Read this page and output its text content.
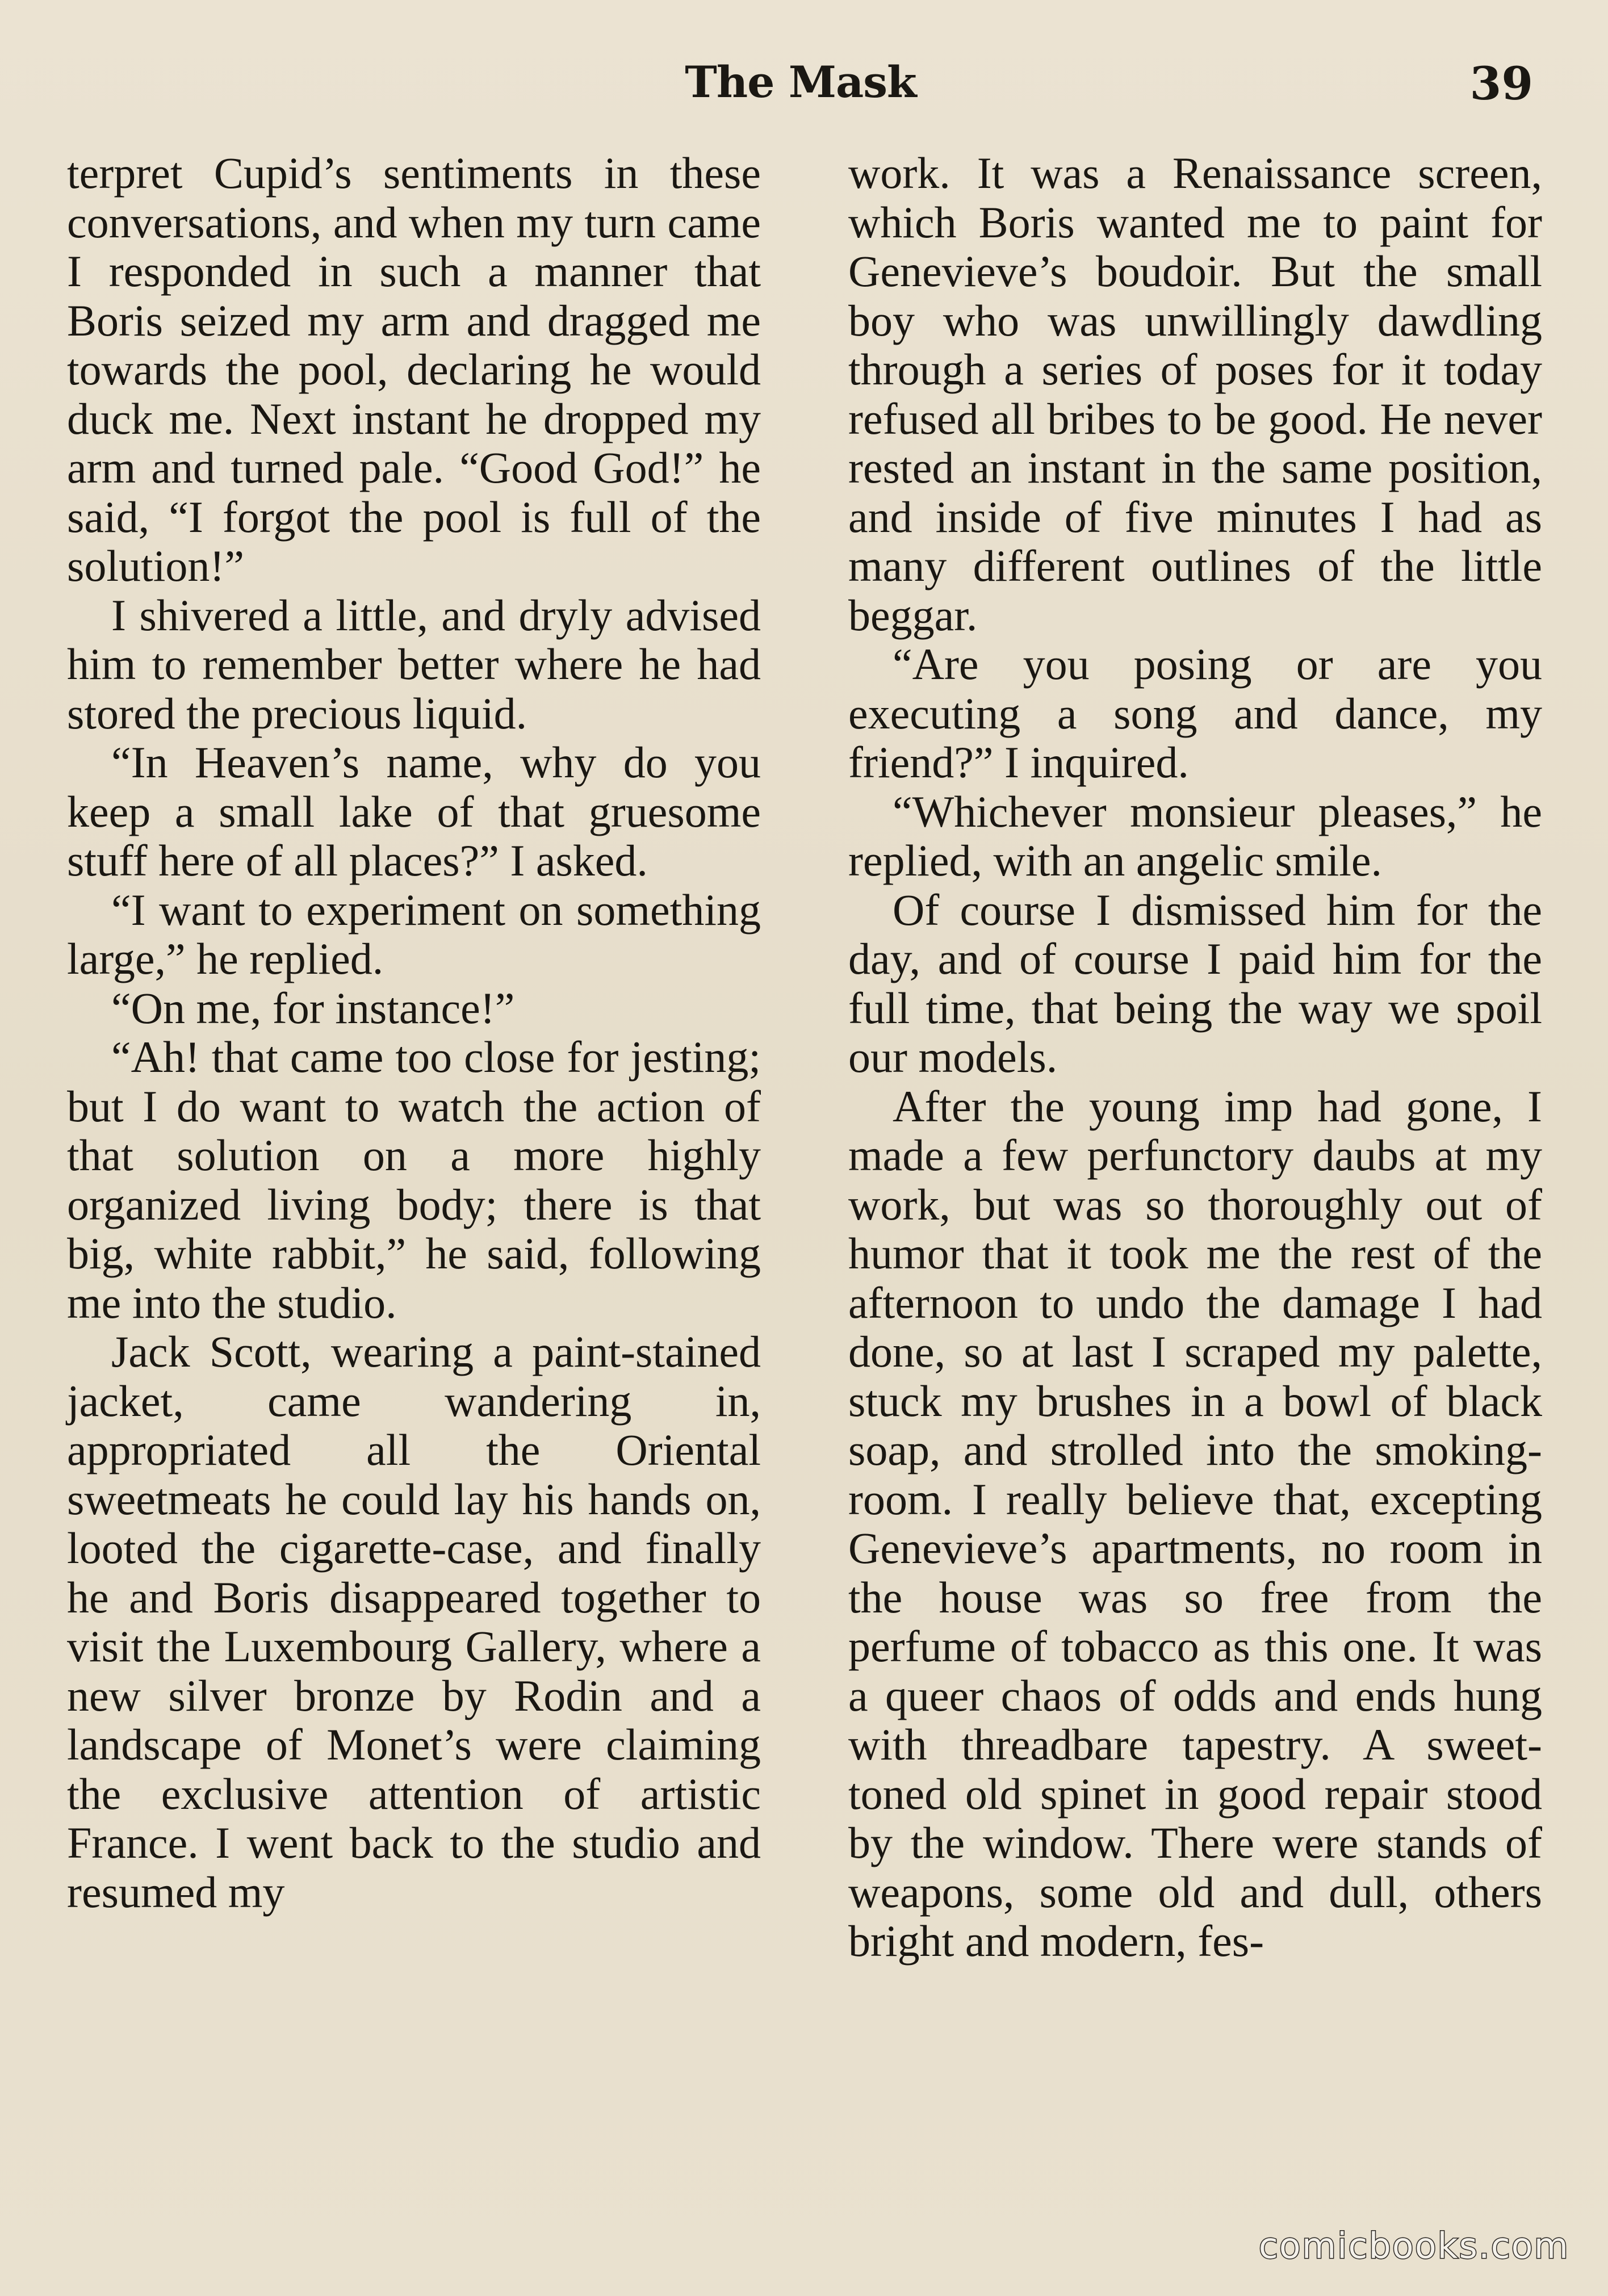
The Mask	39

terpret Cupid’s sentiments in these conversations, and when my turn came I responded in such a manner that Boris seized my arm and dragged me towards the pool, declaring he would duck me. Next instant he dropped my arm and turned pale. “Good God!” he said, “I forgot the pool is full of the solution!”

I shivered a little, and dryly advised him to remember better where he had stored the precious liquid.

“In Heaven’s name, why do you keep a small lake of that gruesome stuff here of all places?” I asked.

“I want to experiment on something large,” he replied.

“On me, for instance!”

“Ah! that came too close for jesting; but I do want to watch the action of that solution on a more highly organized living body; there is that big, white rabbit,” he said, following me into the studio.

Jack Scott, wearing a paint-stained jacket, came wandering in, appropriated all the Oriental sweetmeats he could lay his hands on, looted the cigarette-case, and finally he and Boris disappeared together to visit the Luxembourg Gallery, where a new silver bronze by Rodin and a landscape of Monet’s were claiming the exclusive attention of artistic France. I went back to the studio and resumed my

work. It was a Renaissance screen, which Boris wanted me to paint for Genevieve’s boudoir. But the small boy who was unwillingly dawdling through a series of poses for it today refused all bribes to be good. He never rested an instant in the same position, and inside of five minutes I had as many different outlines of the little beggar.

“Are you posing or are you executing a song and dance, my friend?” I inquired.

“Whichever monsieur pleases,” he replied, with an angelic smile.

Of course I dismissed him for the day, and of course I paid him for the full time, that being the way we spoil our models.

After the young imp had gone, I made a few perfunctory daubs at my work, but was so thoroughly out of humor that it took me the rest of the afternoon to undo the damage I had done, so at last I scraped my palette, stuck my brushes in a bowl of black soap, and strolled into the smoking-room. I really believe that, excepting Genevieve’s apartments, no room in the house was so free from the perfume of tobacco as this one. It was a queer chaos of odds and ends hung with threadbare tapestry. A sweet-toned old spinet in good repair stood by the window. There were stands of weapons, some old and dull, others bright and modern, fes-

comicbooks.com
